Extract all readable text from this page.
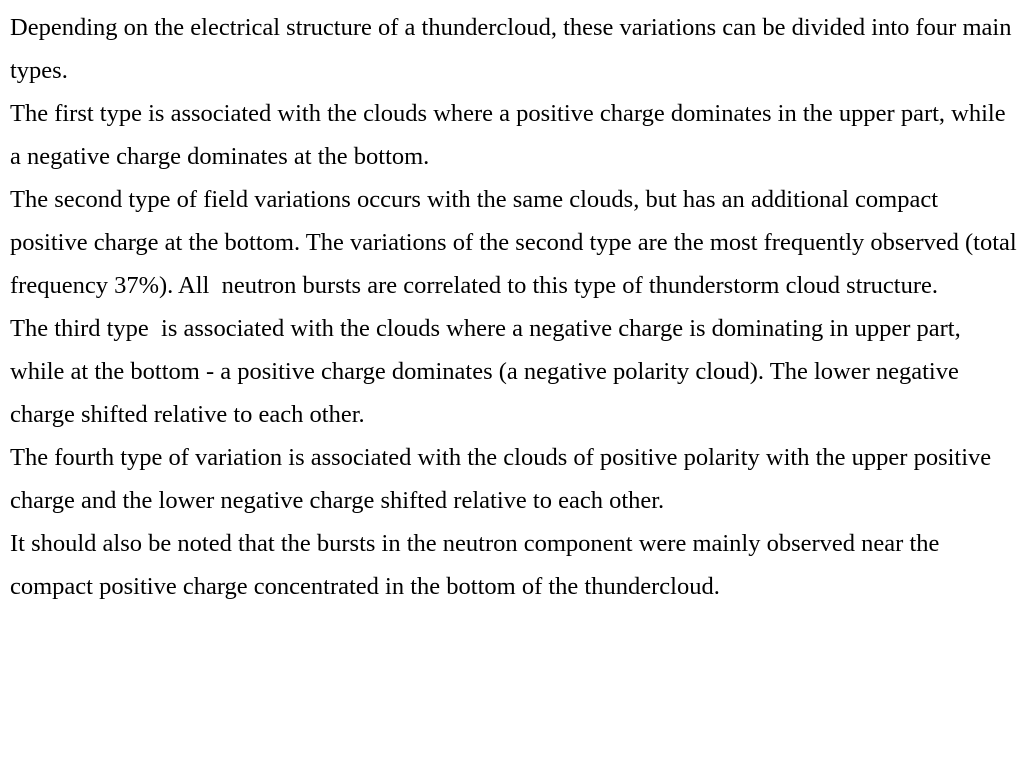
Depending on the electrical structure of a thundercloud, these variations can be divided into four main types.

The first type is associated with the clouds where a positive charge dominates in the upper part, while a negative charge dominates at the bottom.

The second type of field variations occurs with the same clouds, but has an additional compact positive charge at the bottom. The variations of the second type are the most frequently observed (total frequency 37%). All  neutron bursts are correlated to this type of thunderstorm cloud structure.

The third type  is associated with the clouds where a negative charge is dominating in upper part, while at the bottom - a positive charge dominates (a negative polarity cloud). The lower negative charge shifted relative to each other.

The fourth type of variation is associated with the clouds of positive polarity with the upper positive charge and the lower negative charge shifted relative to each other.

It should also be noted that the bursts in the neutron component were mainly observed near the compact positive charge concentrated in the bottom of the thundercloud.
